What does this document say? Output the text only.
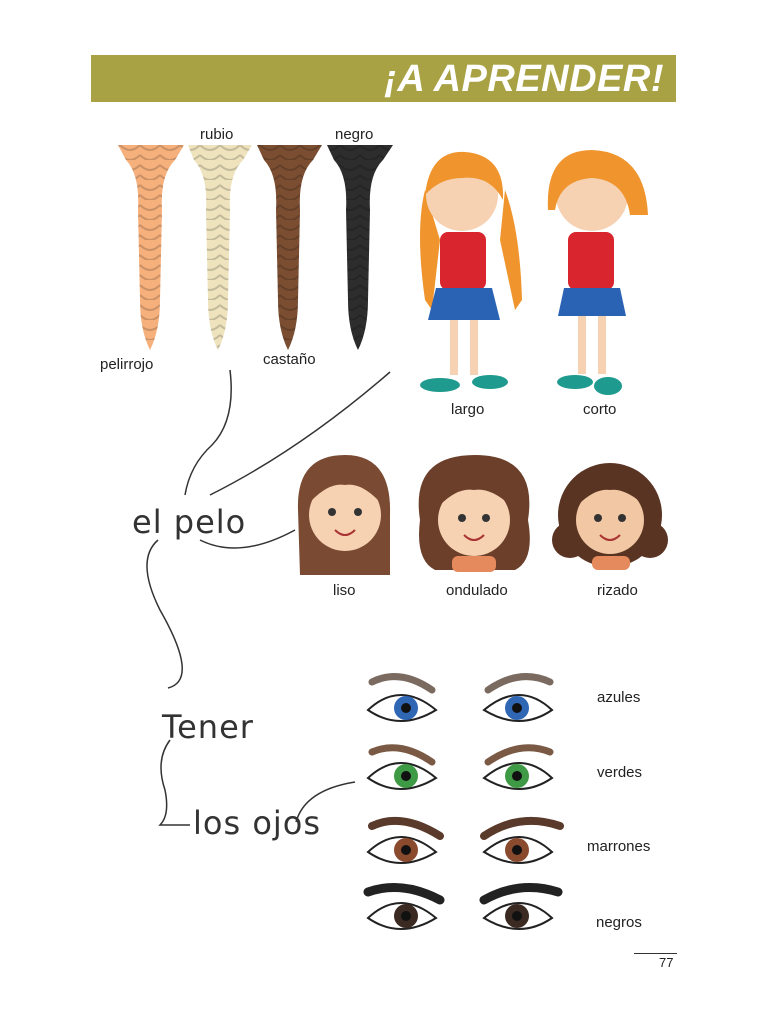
¡A APRENDER!
rubio	negro
pelirrojo	castaño
largo	corto
liso	ondulado	rizado
el pelo
Tener
los ojos
azules
verdes
marrones
negros
77
